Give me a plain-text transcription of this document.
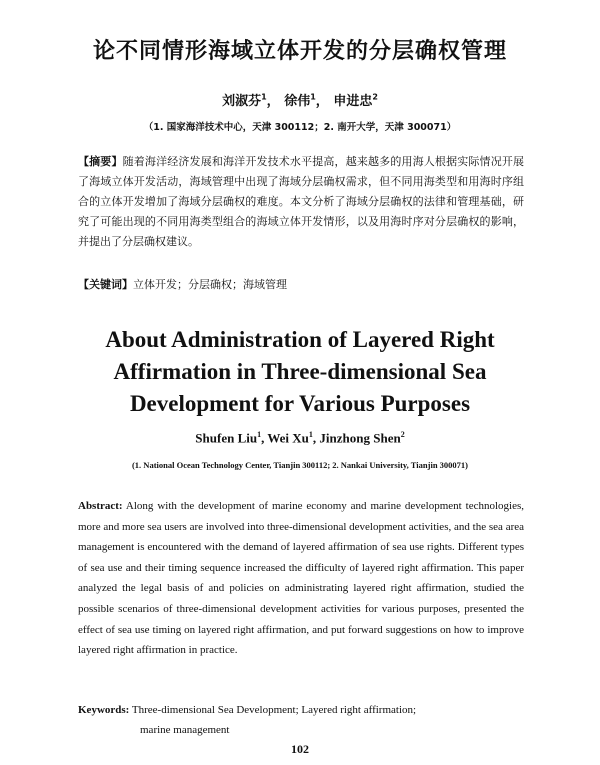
论不同情形海域立体开发的分层确权管理
刘淑芬$^1$， 徐伟$^1$， 申进忠$^2$
（1. 国家海洋技术中心，天津 300112；2. 南开大学，天津 300071）
【摘要】随着海洋经济发展和海洋开发技术水平提高，越来越多的用海人根据实际情况开展了海域立体开发活动，海域管理中出现了海域分层确权需求，但不同用海类型和用海时序组合的立体开发增加了海域分层确权的难度。本文分析了海域分层确权的法律和管理基础，研究了可能出现的不同用海类型组合的海域立体开发情形，以及用海时序对分层确权的影响，并提出了分层确权建议。
【关键词】立体开发；分层确权；海域管理
About Administration of Layered Right
Affirmation in Three-dimensional Sea
Development for Various Purposes
Shufen Liu$^1$, Wei Xu$^1$, Jinzhong Shen$^2$
(1. National Ocean Technology Center, Tianjin 300112; 2. Nankai University, Tianjin 300071)
Abstract: Along with the development of marine economy and marine development technologies, more and more sea users are involved into three-dimensional development activities, and the sea area management is encountered with the demand of layered affirmation of sea use rights. Different types of sea use and their timing sequence increased the difficulty of layered right affirmation. This paper analyzed the legal basis of and policies on administrating layered right affirmation, studied the possible scenarios of three-dimensional development activities for various purposes, presented the effect of sea use timing on layered right affirmation, and put forward suggestions on how to improve layered right affirmation in practice.
Keywords: Three-dimensional Sea Development; Layered right affirmation;
marine management
102
